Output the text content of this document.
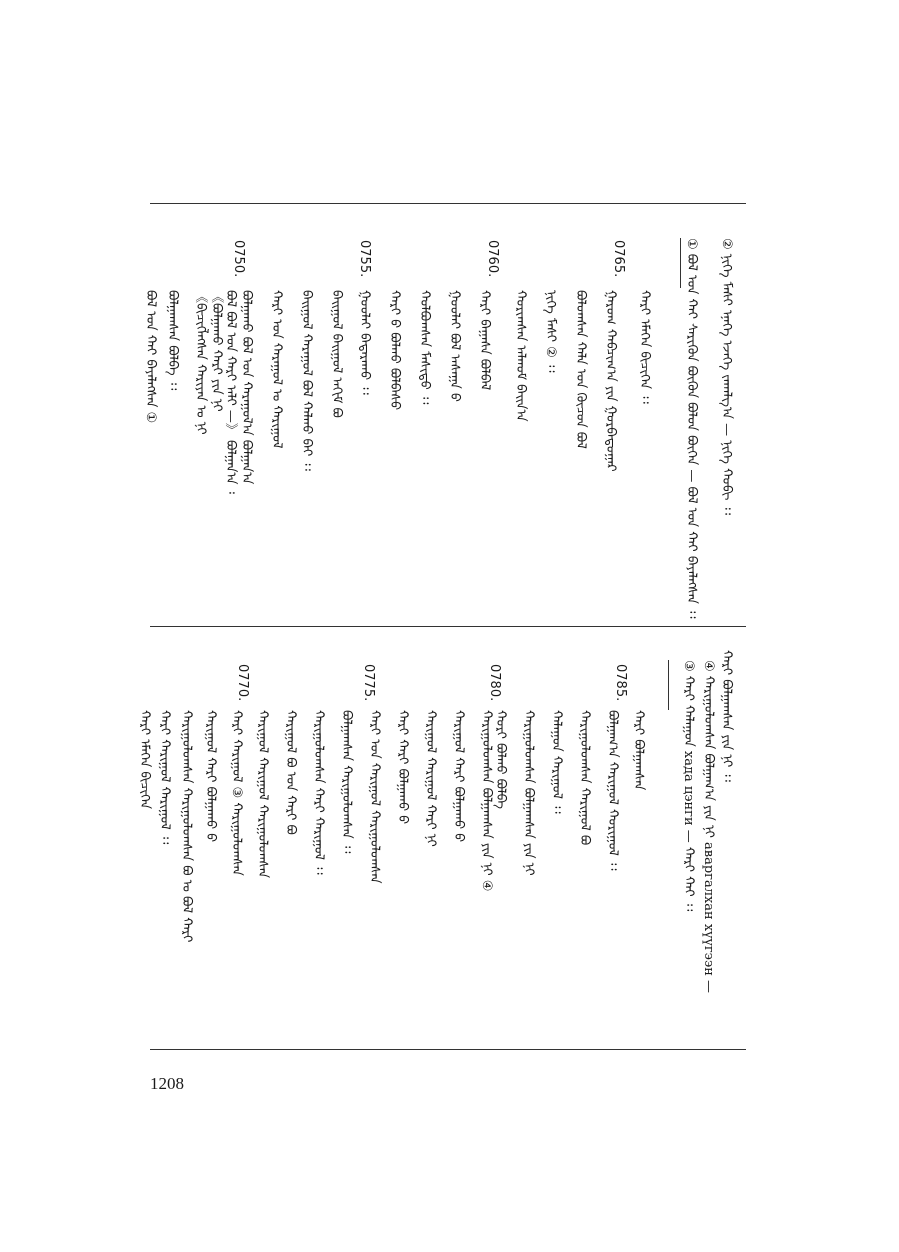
② ᠨᠢᠭᠡ ᠮᠠᠰᠢ ᠡᠨᠡᠭᠡ ᠡᠵᠡᠭᠡ ᠵᠠᠬᠠᠯᠭ᠎ᠠ — ᠨᠢᠭᠡ ᠬᠤᠪᠢ ᠄᠄
① ᠪᠣᠯ ᠤᠨ ᠬᠠᠢ ᠰᠡᠷᠢᠭᠦᠨ ᠪᠦᠬᠦᠨ ᠪᠣᠯᠣᠨ ᠪᠦᠬᠡᠨ — ᠪᠣᠯ ᠤᠨ ᠬᠠᠢ ᠪᠡᠶᠡᠯᠡᠭᠰᠡᠨ ᠄᠄
0765.
ᠬᠠᠷᠢ ᠡᠮᠡᠭᠡᠨ ᠪᠢᠴᠢᠭᠡᠨ ᠄᠄
ᠭᠠᠷᠤᠭ ᠬᠠᠪᠴᠢᠭ᠎ᠠ ᠶᠢᠨ ᠭᠤᠷᠪᠠᠳᠤᠭᠠᠷ
ᠪᠣᠯᠤᠭᠰᠠᠨ ᠬᠠᠯᠠ ᠤᠨ ᠬᠦᠴᠦᠨ ᠪᠣᠯ
ᠨᠢᠭᠡ ᠮᠠᠰᠢ ② ᠄᠄
ᠬᠣᠷᠢᠭᠰᠠᠨ ᠠᠯᠬᠤᠮ ᠪᠠᠢᠨ᠎ᠠ
0760.
ᠬᠠᠷᠢ ᠪᠠᠭᠠᠰᠠ ᠪᠣᠯᠪᠠᠯ
ᠭᠣᠣᠯᠠᠢ ᠪᠣᠯ ᠠᠰᠠᠭᠠ ᠪ
ᠬᠣᠯᠪᠣᠭᠰᠠᠨ ᠮᠠᠰᠢᠳᠤ ᠄᠄
ᠬᠠᠷᠢ ᠪ ᠪᠣᠯᠬᠤ ᠪᠣᠯᠪᠠᠰᠤ
ᠭᠣᠣᠯᠠᠢ ᠪᠠᠳᠠᠷᠠᠬᠤ ᠄᠄
0755.
ᠪᠠᠢᠭᠤᠯ ᠪᠠᠢᠭᠤᠯ ᠠᠬᠢᠮ ᠪᠣ
ᠪᠠᠢᠭᠤᠯ ᠬᠠᠷᠠᠭᠤᠯ ᠪᠣᠯ ᠬᠠᠯᠬᠤ ᠪᠠᠢ ᠄᠄
ᠬᠠᠷᠢ ᠤᠨ ᠬᠠᠷᠠᠭᠤᠯ ᠤ ᠬᠠᠷᠢᠭᠤᠯ
ᠪᠣᠯᠭᠠᠬᠤ ᠪᠣᠯ ᠤᠨ ᠬᠠᠷᠠᠭᠤᠯ᠎ᠠ ᠪᠣᠯᠭᠠᠨ᠎ᠠ
《ᠪᠣᠯᠭᠠᠬᠤ ᠬᠠᠷᠢ ᠶᠢᠨ ᠨᠢ
0750.
ᠪᠣᠯ ᠪᠣᠯ ᠤᠨ ᠬᠠᠷᠢ ᠠᠯᠢ —》 ᠪᠣᠯᠭᠠᠨ᠎ᠠ ᠄
《ᠪᠢᠴᠢᠭᠯᠡᠭᠰᠡᠨ ᠬᠠᠷᠢᠶᠠᠨ ᠤ ᠨᠢ
ᠪᠣᠯᠭᠠᠭᠰᠠᠨ ᠪᠣᠯᠪᠠ ᠄᠄
ᠪᠣᠯ ᠤᠨ ᠬᠠᠢ ᠪᠡᠶᠡᠯᠡᠭᠰᠡᠨ ①
ᠬᠠᠷᠢ ᠪᠣᠯᠭᠠᠭᠰᠠᠨ ᠶᠢᠨ ᠨᠢ ᠄᠄
④ ᠬᠠᠷᠢᠭᠤᠯᠤᠭᠰᠠᠨ ᠪᠣᠯᠭᠠᠭ᠎ᠠ ᠶᠢᠨ ᠨᠢ аваргалхан хүүгээн —
③ ᠬᠠᠷᠢ ᠬᠠᠯᠠᠭᠤᠨ хада цэнги — ᠬᠠᠷᠢ ᠬᠠᠢ ᠄᠄
0785.
ᠬᠠᠷᠢ ᠪᠣᠯᠭᠠᠭᠰᠠᠨ
ᠪᠣᠯᠭᠠᠭ᠎ᠠ ᠬᠠᠷᠢᠭᠤᠯ ᠬᠣᠷᠢᠭᠤᠯ ᠄᠄
ᠬᠠᠷᠢᠭᠤᠯᠤᠭᠰᠠᠨ ᠬᠠᠷᠢᠭᠤᠯ ᠪᠣ
ᠬᠠᠯᠠᠭᠤᠨ ᠬᠠᠷᠢᠭᠤᠯ ᠄᠄
ᠬᠠᠷᠢᠭᠤᠯᠤᠭᠰᠠᠨ ᠪᠣᠯᠭᠠᠭᠰᠠᠨ ᠶᠢᠨ ᠨᠢ
ᠬᠣᠷᠢ ᠪᠣᠯᠬᠤ ᠪᠣᠯᠪᠠ
0780.
ᠬᠠᠷᠢᠭᠤᠯᠤᠭᠰᠠᠨ ᠪᠣᠯᠭᠠᠭᠰᠠᠨ ᠶᠢᠨ ᠨᠢ ④
ᠬᠠᠷᠢᠭᠤᠯ ᠬᠠᠷᠢ ᠪᠣᠯᠭᠠᠬᠤ ᠪ
ᠬᠠᠷᠢᠭᠤᠯ ᠬᠠᠷᠢᠭᠤᠯ ᠬᠠᠷᠢ ᠨᠢ
ᠬᠠᠷᠢ ᠬᠠᠷᠢ ᠪᠣᠯᠭᠠᠬᠤ ᠪ
0775.
ᠬᠠᠷᠢ ᠤᠨ ᠬᠠᠷᠢᠭᠤᠯ ᠬᠠᠷᠢᠭᠤᠯᠤᠭᠰᠠᠨ
ᠪᠣᠯᠭᠠᠭᠰᠠᠨ ᠬᠠᠷᠢᠭᠤᠯᠤᠭᠰᠠᠨ ᠄᠄
ᠬᠠᠷᠢᠭᠤᠯᠤᠭᠰᠠᠨ ᠬᠠᠷᠢ ᠬᠠᠷᠢᠭᠤᠯ ᠄᠄
ᠬᠠᠷᠢᠭᠤᠯ ᠪᠣ ᠤᠨ ᠬᠠᠷᠢ ᠪᠣ
ᠬᠠᠷᠢᠭᠤᠯ ᠬᠠᠷᠢᠭᠤᠯ ᠬᠠᠷᠢᠭᠤᠯᠤᠭᠰᠠᠨ
ᠬᠠᠷᠢ ᠬᠠᠷᠢᠭᠤᠯ ③ ᠬᠠᠷᠢᠭᠤᠯᠤᠭᠰᠠᠨ
0770.
ᠬᠠᠷᠢᠭᠤᠯ ᠬᠠᠷᠢ ᠪᠣᠯᠭᠠᠬᠤ ᠪ
ᠬᠠᠷᠢᠭᠤᠯᠤᠭᠰᠠᠨ ᠬᠠᠷᠢᠭᠤᠯᠤᠭᠰᠠᠨ ᠪᠣ ᠤ ᠪᠣᠯ ᠬᠠᠷᠢ
ᠬᠠᠷᠢ ᠬᠠᠷᠢᠭᠤᠯ ᠬᠠᠷᠢᠭᠤᠯ ᠄᠄
ᠬᠠᠷᠢ ᠡᠮᠡᠭᠡᠨ ᠪᠢᠴᠢᠭᠡᠨ
1208
